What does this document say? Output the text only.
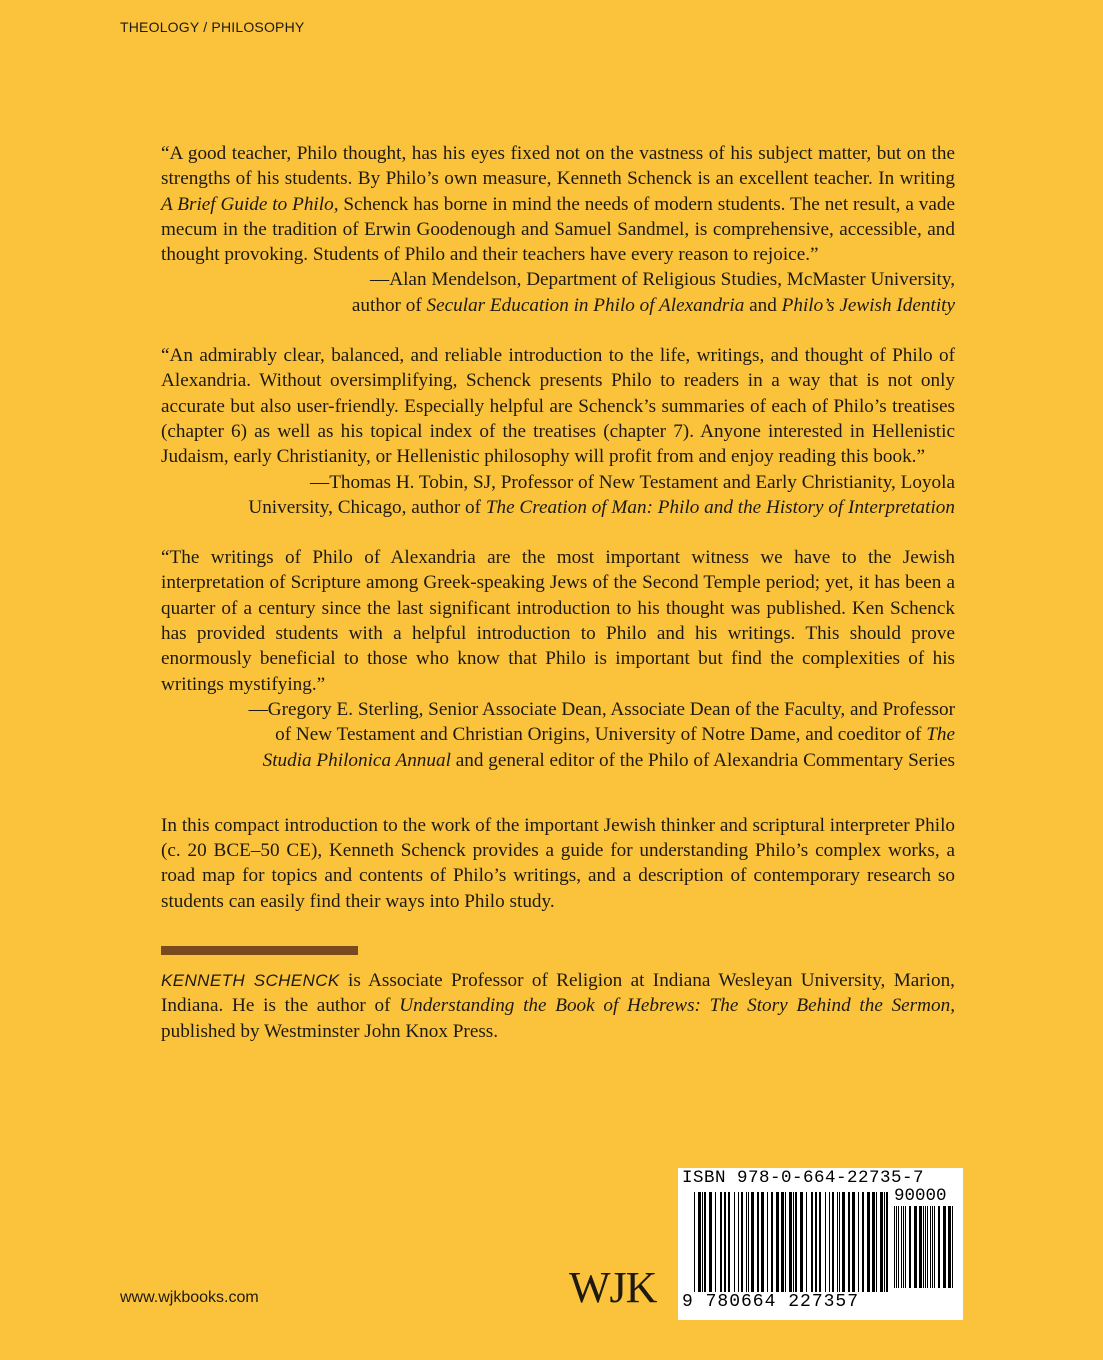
THEOLOGY / PHILOSOPHY

“A good teacher, Philo thought, has his eyes fixed not on the vastness of his subject matter, but on the strengths of his students. By Philo’s own measure, Kenneth Schenck is an excellent teacher. In writing A Brief Guide to Philo, Schenck has borne in mind the needs of modern students. The net result, a vade mecum in the tradition of Erwin Goodenough and Samuel Sandmel, is comprehensive, accessible, and thought provoking. Students of Philo and their teachers have every reason to rejoice.”

—Alan Mendelson, Department of Religious Studies, McMaster University,
author of Secular Education in Philo of Alexandria and Philo’s Jewish Identity

“An admirably clear, balanced, and reliable introduction to the life, writings, and thought of Philo of Alexandria. Without oversimplifying, Schenck presents Philo to readers in a way that is not only accurate but also user-friendly. Especially helpful are Schenck’s summaries of each of Philo’s treatises (chapter 6) as well as his topical index of the treatises (chapter 7). Anyone interested in Hellenistic Judaism, early Christianity, or Hellenistic philosophy will profit from and enjoy reading this book.”

—Thomas H. Tobin, SJ, Professor of New Testament and Early Christianity, Loyola
University, Chicago, author of The Creation of Man: Philo and the History of Interpretation

“The writings of Philo of Alexandria are the most important witness we have to the Jewish interpretation of Scripture among Greek-speaking Jews of the Second Temple period; yet, it has been a quarter of a century since the last significant introduction to his thought was published. Ken Schenck has provided students with a helpful introduction to Philo and his writings. This should prove enormously beneficial to those who know that Philo is important but find the complexities of his writings mystifying.”

—Gregory E. Sterling, Senior Associate Dean, Associate Dean of the Faculty, and Professor
of New Testament and Christian Origins, University of Notre Dame, and coeditor of The
Studia Philonica Annual and general editor of the Philo of Alexandria Commentary Series

In this compact introduction to the work of the important Jewish thinker and scriptural interpreter Philo (c. 20 BCE–50 CE), Kenneth Schenck provides a guide for understanding Philo’s complex works, a road map for topics and contents of Philo’s writings, and a description of contemporary research so students can easily find their ways into Philo study.

KENNETH SCHENCK is Associate Professor of Religion at Indiana Wesleyan University, Marion, Indiana. He is the author of Understanding the Book of Hebrews: The Story Behind the Sermon, published by Westminster John Knox Press.

www.wjkbooks.com	WJK
ISBN 978-0-664-22735-7
90000
9 780664 227357
